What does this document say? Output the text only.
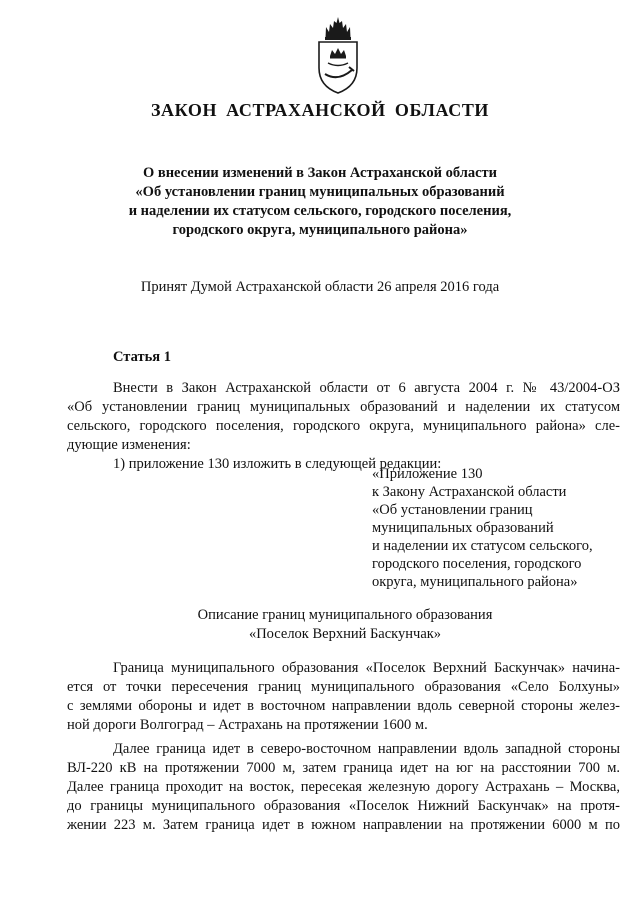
ЗАКОН АСТРАХАНСКОЙ ОБЛАСТИ
О внесении изменений в Закон Астраханской области
«Об установлении границ муниципальных образований
и наделении их статусом сельского, городского поселения,
городского округа, муниципального района»
Принят Думой Астраханской области 26 апреля 2016 года
Статья 1
Внести в Закон Астраханской области от 6 августа 2004 г. № 43/2004-ОЗ
«Об установлении границ муниципальных образований и наделении их статусом
сельского, городского поселения, городского округа, муниципального района» сле-
дующие изменения:
1) приложение 130 изложить в следующей редакции:
«Приложение 130
к Закону Астраханской области
«Об установлении границ
муниципальных образований
и наделении их статусом сельского,
городского поселения, городского
округа, муниципального района»
Описание границ муниципального образования
«Поселок Верхний Баскунчак»
Граница муниципального образования «Поселок Верхний Баскунчак» начина-
ется от точки пересечения границ муниципального образования «Село Болхуны»
с землями обороны и идет в восточном направлении вдоль северной стороны желез-
ной дороги Волгоград – Астрахань на протяжении 1600 м.
Далее граница идет в северо-восточном направлении вдоль западной стороны
ВЛ-220 кВ на протяжении 7000 м, затем граница идет на юг на расстоянии 700 м.
Далее граница проходит на восток, пересекая железную дорогу Астрахань – Москва,
до границы муниципального образования «Поселок Нижний Баскунчак» на протя-
жении 223 м. Затем граница идет в южном направлении на протяжении 6000 м по
